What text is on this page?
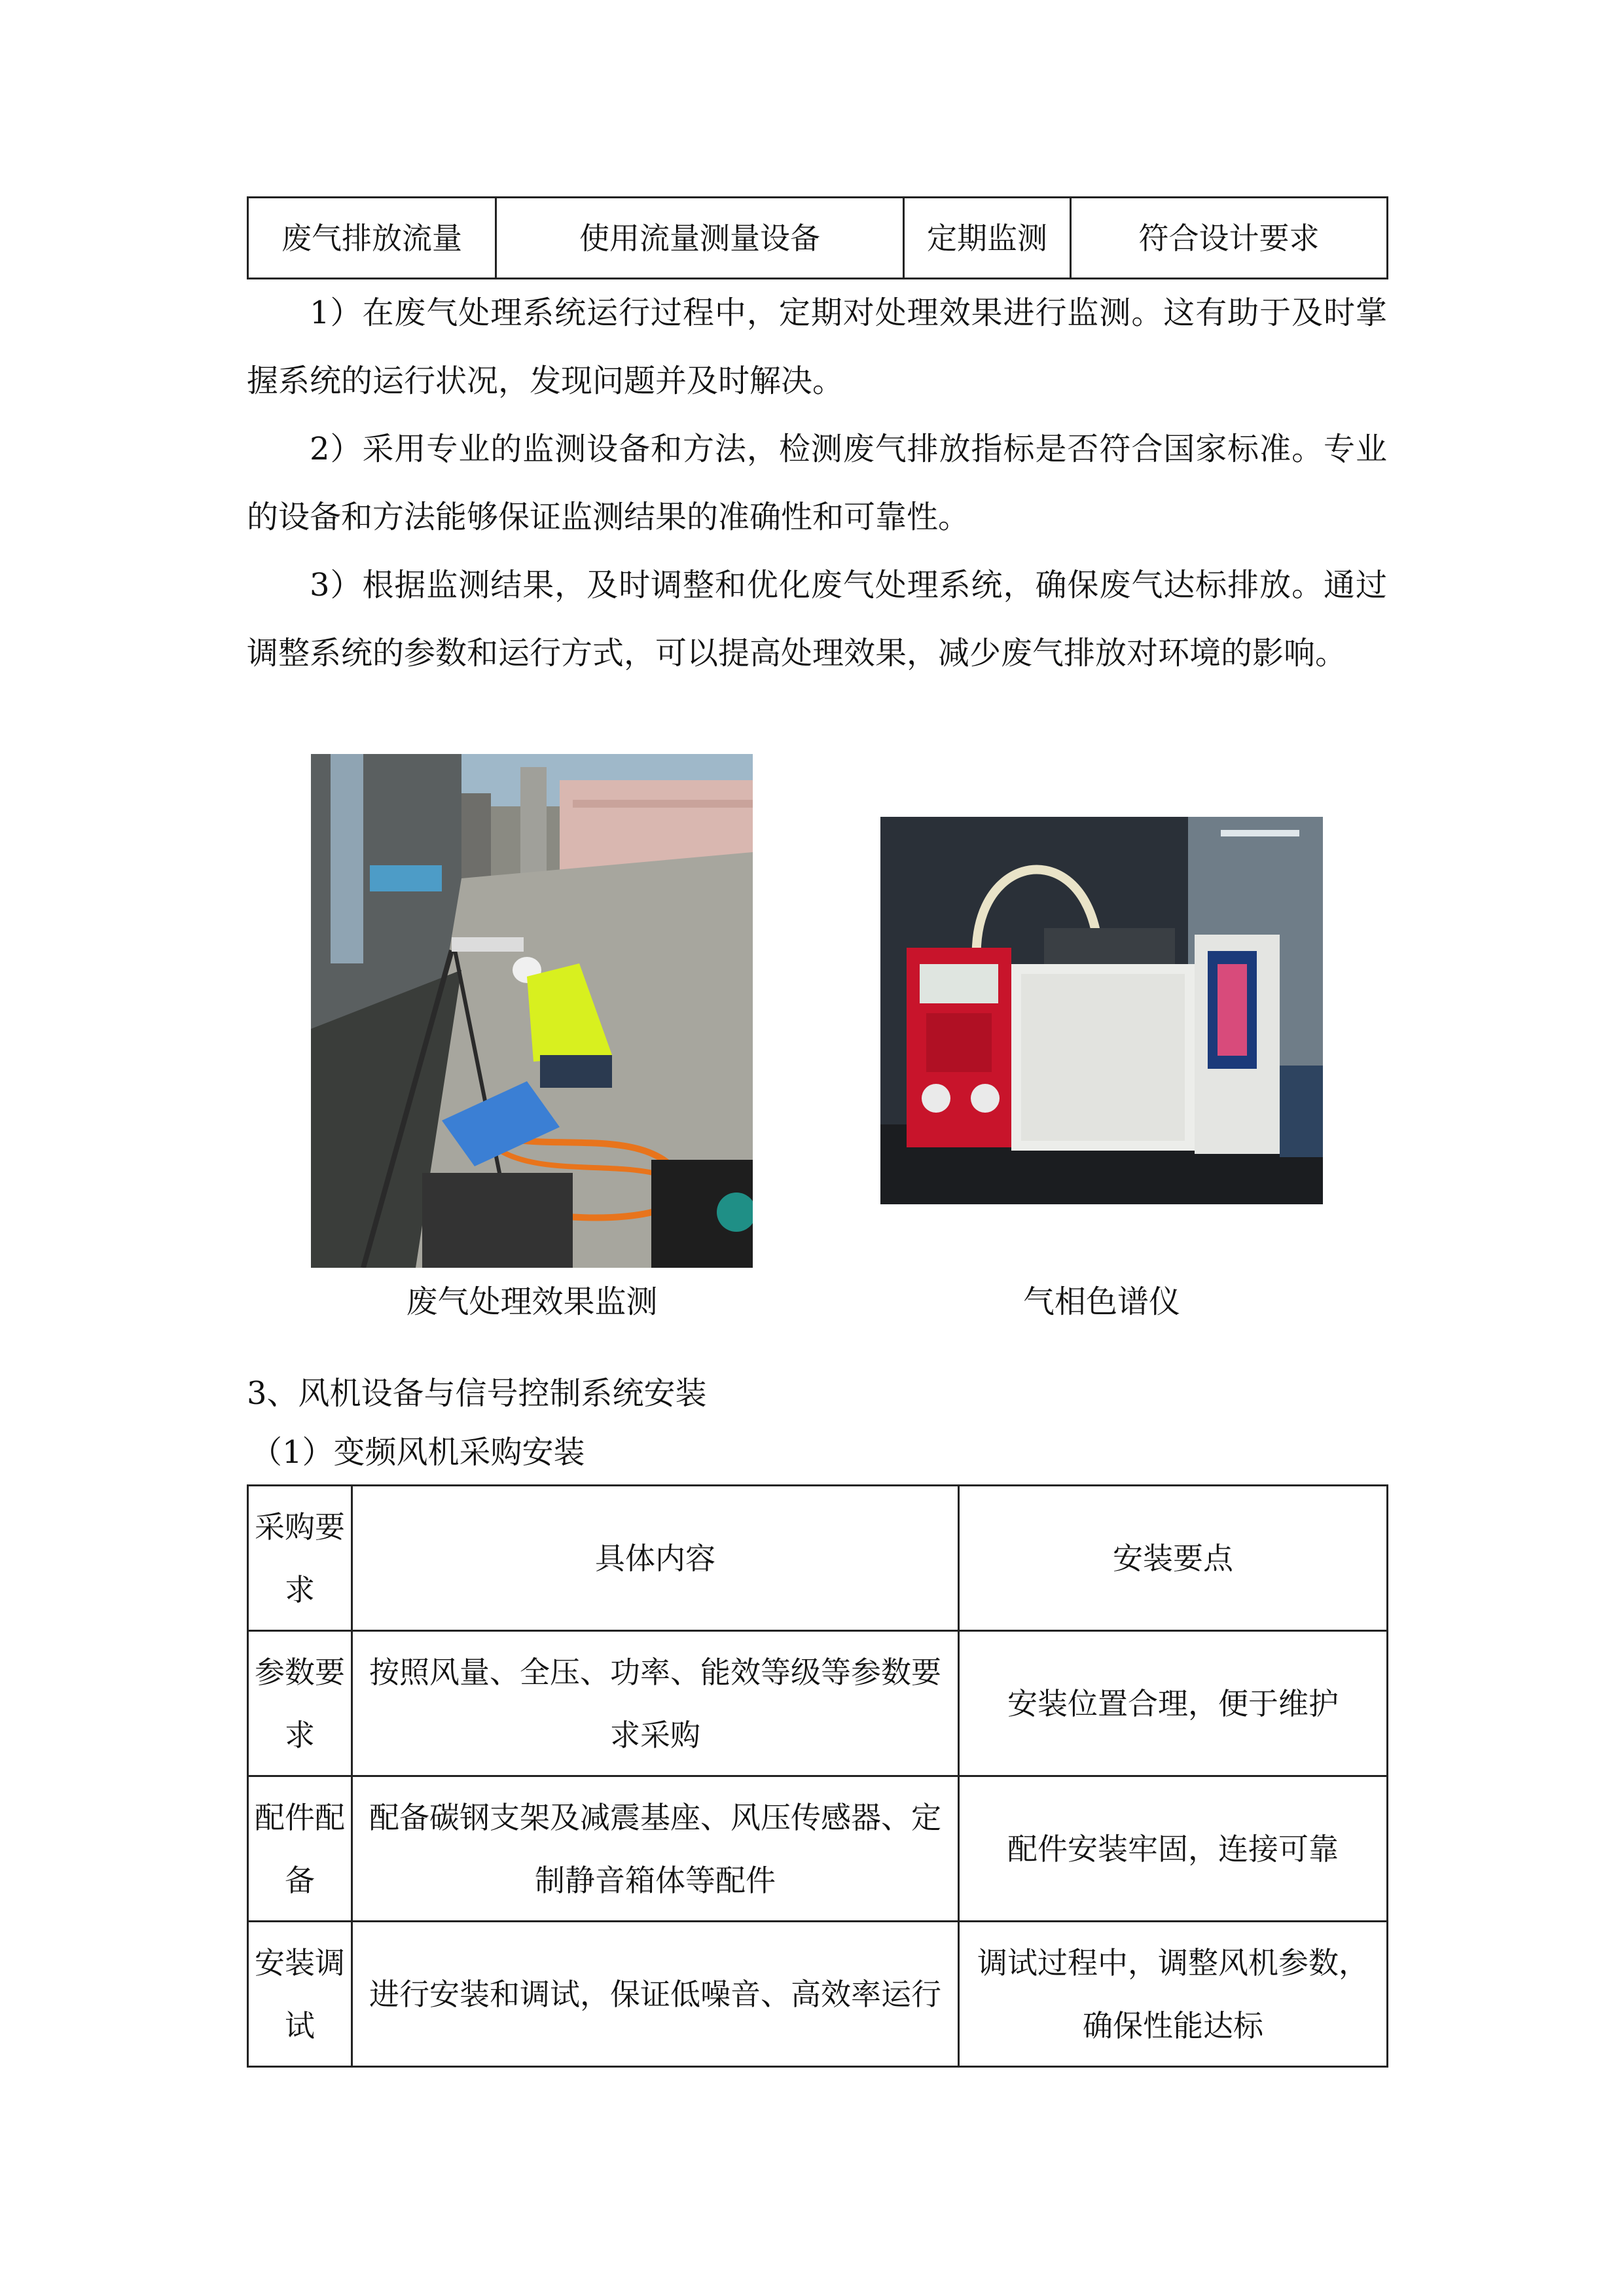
废气排放流量	使用流量测量设备	定期监测	符合设计要求
1）在废气处理系统运行过程中，定期对处理效果进行监测。这有助于及时掌握系统的运行状况，发现问题并及时解决。
2）采用专业的监测设备和方法，检测废气排放指标是否符合国家标准。专业的设备和方法能够保证监测结果的准确性和可靠性。
3）根据监测结果，及时调整和优化废气处理系统，确保废气达标排放。通过调整系统的参数和运行方式，可以提高处理效果，减少废气排放对环境的影响。
废气处理效果监测	气相色谱仪
3、风机设备与信号控制系统安装
（1）变频风机采购安装
采购要求	具体内容	安装要点
参数要求	按照风量、全压、功率、能效等级等参数要求采购	安装位置合理，便于维护
配件配备	配备碳钢支架及减震基座、风压传感器、定制静音箱体等配件	配件安装牢固，连接可靠
安装调试	进行安装和调试，保证低噪音、高效率运行	调试过程中，调整风机参数，确保性能达标
